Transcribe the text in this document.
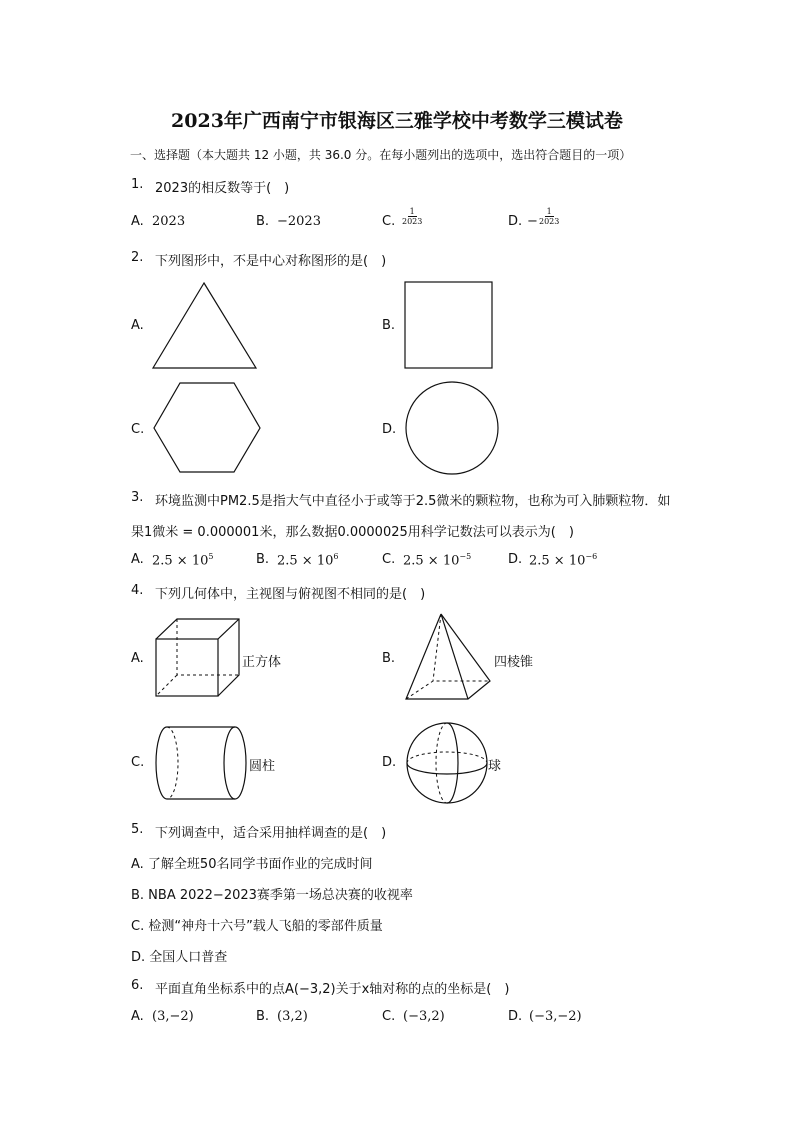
2023年广西南宁市银海区三雅学校中考数学三模试卷
一、选择题（本大题共 12 小题，共 36.0 分。在每小题列出的选项中，选出符合题目的一项）
1. 2023的相反数等于(　)
A. 2023	B. −2023	C. $\frac{1}{2023}$	D. − $\frac{1}{2023}$
2. 下列图形中，不是中心对称图形的是(　)
A.	B.
C.	D.
3. 环境监测中PM2.5是指大气中直径小于或等于2.5微米的颗粒物，也称为可入肺颗粒物．如
果1微米 = 0.000001米，那么数据0.0000025用科学记数法可以表示为(　)
A. $2.5 \times 10^5$	B. $2.5 \times 10^6$	C. $2.5 \times 10^{-5}$	D. $2.5 \times 10^{-6}$
4. 下列几何体中，主视图与俯视图不相同的是(　)
A.	正方体	B.	四棱锥
C.	圆柱	D.	球
5. 下列调查中，适合采用抽样调查的是(　)
A. 了解全班50名同学书面作业的完成时间
B. NBA 2022−2023赛季第一场总决赛的收视率
C. 检测“神舟十六号”载人飞船的零部件质量
D. 全国人口普查
6. 平面直角坐标系中的点A(−3,2)关于x轴对称的点的坐标是(　)
A. (3,−2)	B. (3,2)	C. (−3,2)	D. (−3,−2)
